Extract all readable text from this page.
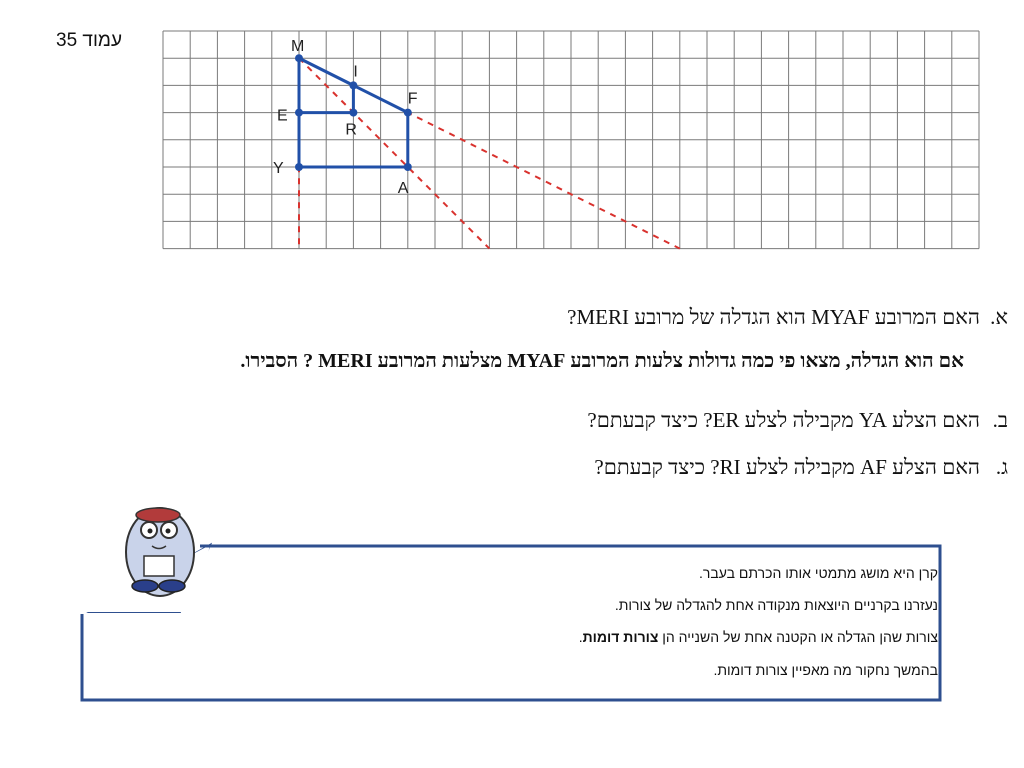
עמוד 35	M
I
F
E
R
Y
A
א.האם המרובע MYAF הוא הגדלה של מרובע MERI?
אם הוא הגדלה, מצאו פי כמה גדולות צלעות המרובע MYAF מצלעות המרובע MERI ? הסבירו.
ב.האם הצלע YA מקבילה לצלע ER? כיצד קבעתם?
ג.האם הצלע AF מקבילה לצלע RI? כיצד קבעתם?
קרן היא מושג מתמטי אותו הכרתם בעבר.
נעזרנו בקרניים היוצאות מנקודה אחת להגדלה של צורות.
צורות שהן הגדלה או הקטנה אחת של השנייה הן צורות דומות.
בהמשך נחקור מה מאפיין צורות דומות.
